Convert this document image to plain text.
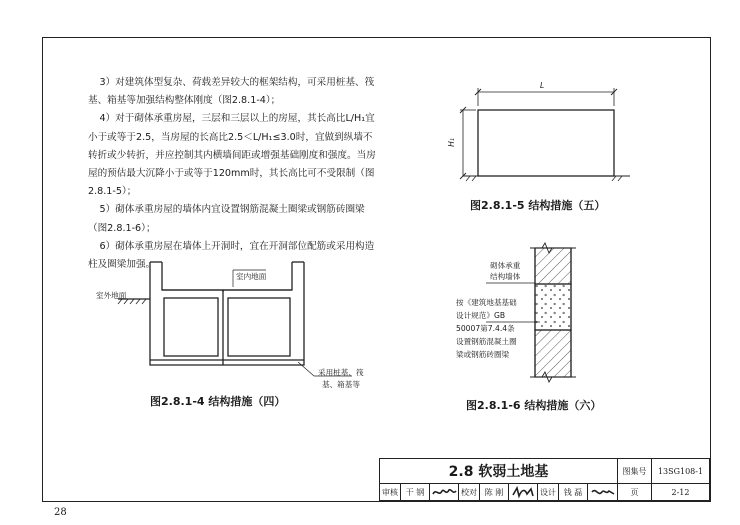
3）对建筑体型复杂、荷载差异较大的框架结构，可采用桩基、筏基、箱基等加强结构整体刚度（图2.8.1-4）；

4）对于砌体承重房屋，三层和三层以上的房屋，其长高比L/H₁宜小于或等于2.5，当房屋的长高比2.5＜L/H₁≤3.0时，宜做到纵墙不转折或少转折，并应控制其内横墙间距或增强基础刚度和强度。当房屋的预估最大沉降小于或等于120mm时，其长高比可不受限制（图2.8.1-5）；

5）砌体承重房屋的墙体内宜设置钢筋混凝土圈梁或钢筋砖圈梁（图2.8.1-6）；

6）砌体承重房屋在墙体上开洞时，宜在开洞部位配筋或采用构造柱及圈梁加强。

室外地面
室内地面
采用桩基、筏
基、箱基等
图2.8.1-4 结构措施（四）
L
H₁
图2.8.1-5 结构措施（五）
砌体承重
结构墙体
按《建筑地基基础
设计规范》GB
50007第7.4.4条
设置钢筋混凝土圈
梁或钢筋砖圈梁
图2.8.1-6 结构措施（六）
2.8 软弱土地基	图集号	13SG108-1
审核 干 钢	校对 陈 刚	设计 钱 磊	页	2-12
28
